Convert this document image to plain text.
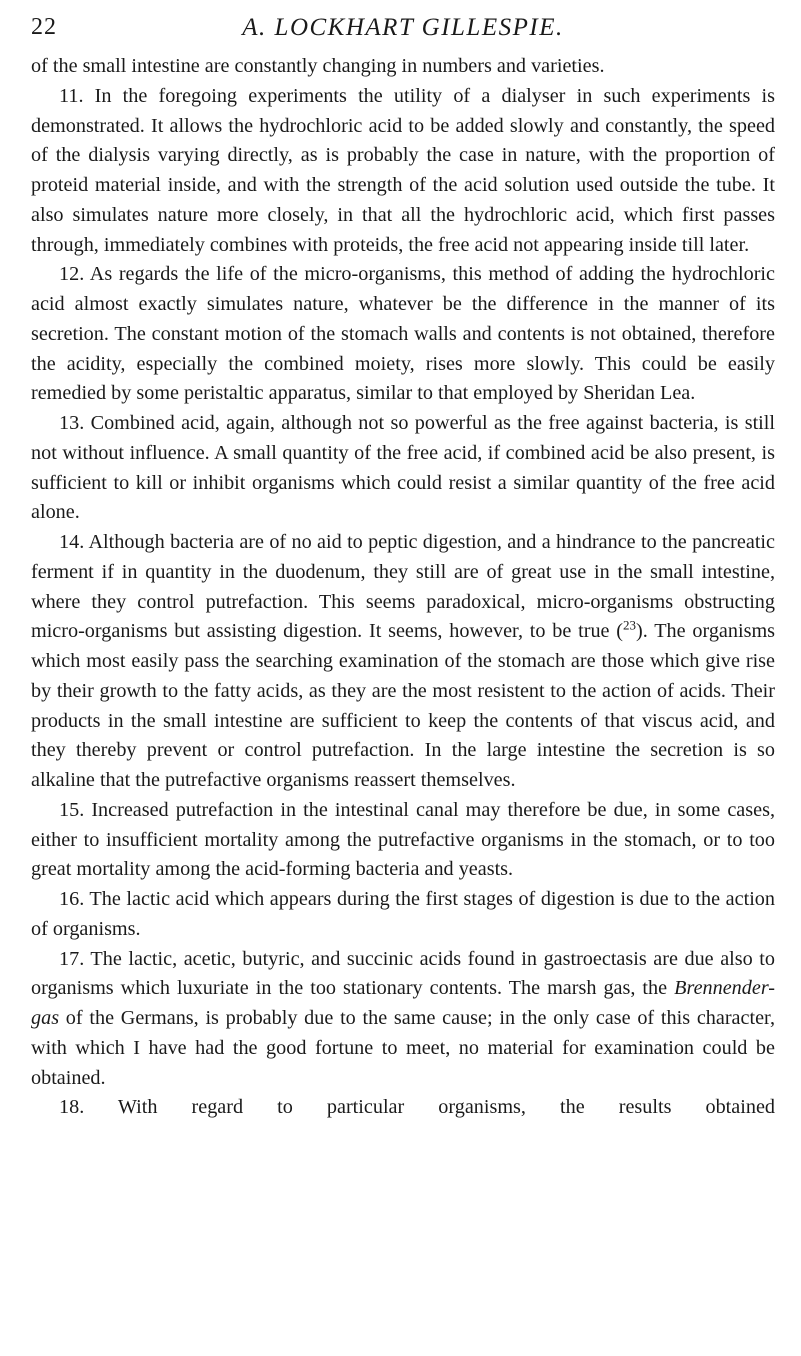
22	A. LOCKHART GILLESPIE.

of the small intestine are constantly changing in numbers and varieties.

11. In the foregoing experiments the utility of a dialyser in such experiments is demonstrated. It allows the hydrochloric acid to be added slowly and constantly, the speed of the dialysis varying directly, as is probably the case in nature, with the proportion of proteid material inside, and with the strength of the acid solution used outside the tube. It also simulates nature more closely, in that all the hydrochloric acid, which first passes through, immediately combines with proteids, the free acid not appearing inside till later.

12. As regards the life of the micro-organisms, this method of adding the hydrochloric acid almost exactly simulates nature, whatever be the difference in the manner of its secretion. The constant motion of the stomach walls and contents is not obtained, therefore the acidity, especially the combined moiety, rises more slowly. This could be easily remedied by some peristaltic apparatus, similar to that employed by Sheridan Lea.

13. Combined acid, again, although not so powerful as the free against bacteria, is still not without influence. A small quantity of the free acid, if combined acid be also present, is sufficient to kill or inhibit organisms which could resist a similar quantity of the free acid alone.

14. Although bacteria are of no aid to peptic digestion, and a hindrance to the pancreatic ferment if in quantity in the duodenum, they still are of great use in the small intestine, where they control putrefaction. This seems paradoxical, micro-organisms obstructing micro-organisms but assisting digestion. It seems, however, to be true ($^{23}$). The organisms which most easily pass the searching examination of the stomach are those which give rise by their growth to the fatty acids, as they are the most resistent to the action of acids. Their products in the small intestine are sufficient to keep the contents of that viscus acid, and they thereby prevent or control putrefaction. In the large intestine the secretion is so alkaline that the putrefactive organisms reassert themselves.

15. Increased putrefaction in the intestinal canal may therefore be due, in some cases, either to insufficient mortality among the putrefactive organisms in the stomach, or to too great mortality among the acid-forming bacteria and yeasts.

16. The lactic acid which appears during the first stages of digestion is due to the action of organisms.

17. The lactic, acetic, butyric, and succinic acids found in gastroectasis are due also to organisms which luxuriate in the too stationary contents. The marsh gas, the Brennender-gas of the Germans, is probably due to the same cause; in the only case of this character, with which I have had the good fortune to meet, no material for examination could be obtained.

18. With regard to particular organisms, the results obtained
